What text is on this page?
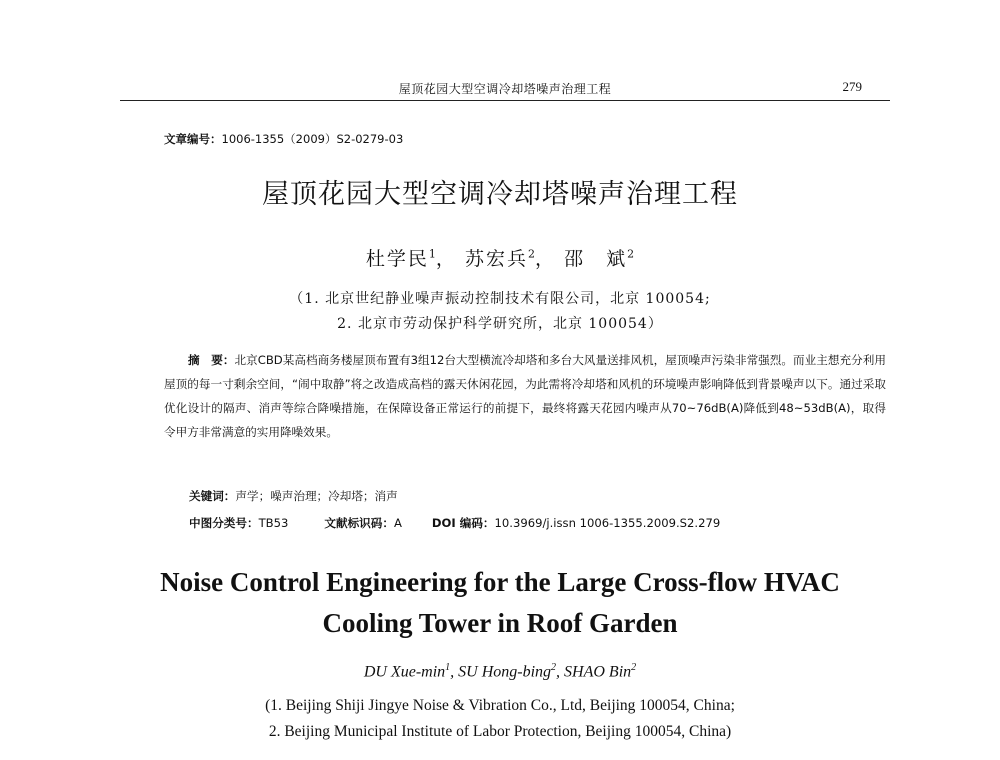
屋顶花园大型空调冷却塔噪声治理工程	279
文章编号：1006-1355（2009）S2-0279-03
屋顶花园大型空调冷却塔噪声治理工程
杜学民$^1$， 苏宏兵$^2$， 邵　斌$^2$
（1. 北京世纪静业噪声振动控制技术有限公司，北京 100054;
2. 北京市劳动保护科学研究所，北京 100054）
摘　要：北京CBD某高档商务楼屋顶布置有3组12台大型横流冷却塔和多台大风量送排风机，屋顶噪声污染非常强烈。而业主想充分利用屋顶的每一寸剩余空间，“闹中取静”将之改造成高档的露天休闲花园，为此需将冷却塔和风机的环境噪声影响降低到背景噪声以下。通过采取优化设计的隔声、消声等综合降噪措施，在保障设备正常运行的前提下，最终将露天花园内噪声从70~76dB(A)降低到48~53dB(A)，取得令甲方非常满意的实用降噪效果。
关键词：声学；噪声治理；冷却塔；消声
中图分类号：TB53	文献标识码：A	DOI 编码：10.3969/j.issn 1006-1355.2009.S2.279
Noise Control Engineering for the Large Cross-flow HVAC
Cooling Tower in Roof Garden
DU Xue-$\min^1$, SU Hong-bing$^2$, SHAO Bin$^2$
(1. Beijing Shiji Jingye Noise & Vibration Co., Ltd, Beijing 100054, China;
2. Beijing Municipal Institute of Labor Protection, Beijing 100054, China)
